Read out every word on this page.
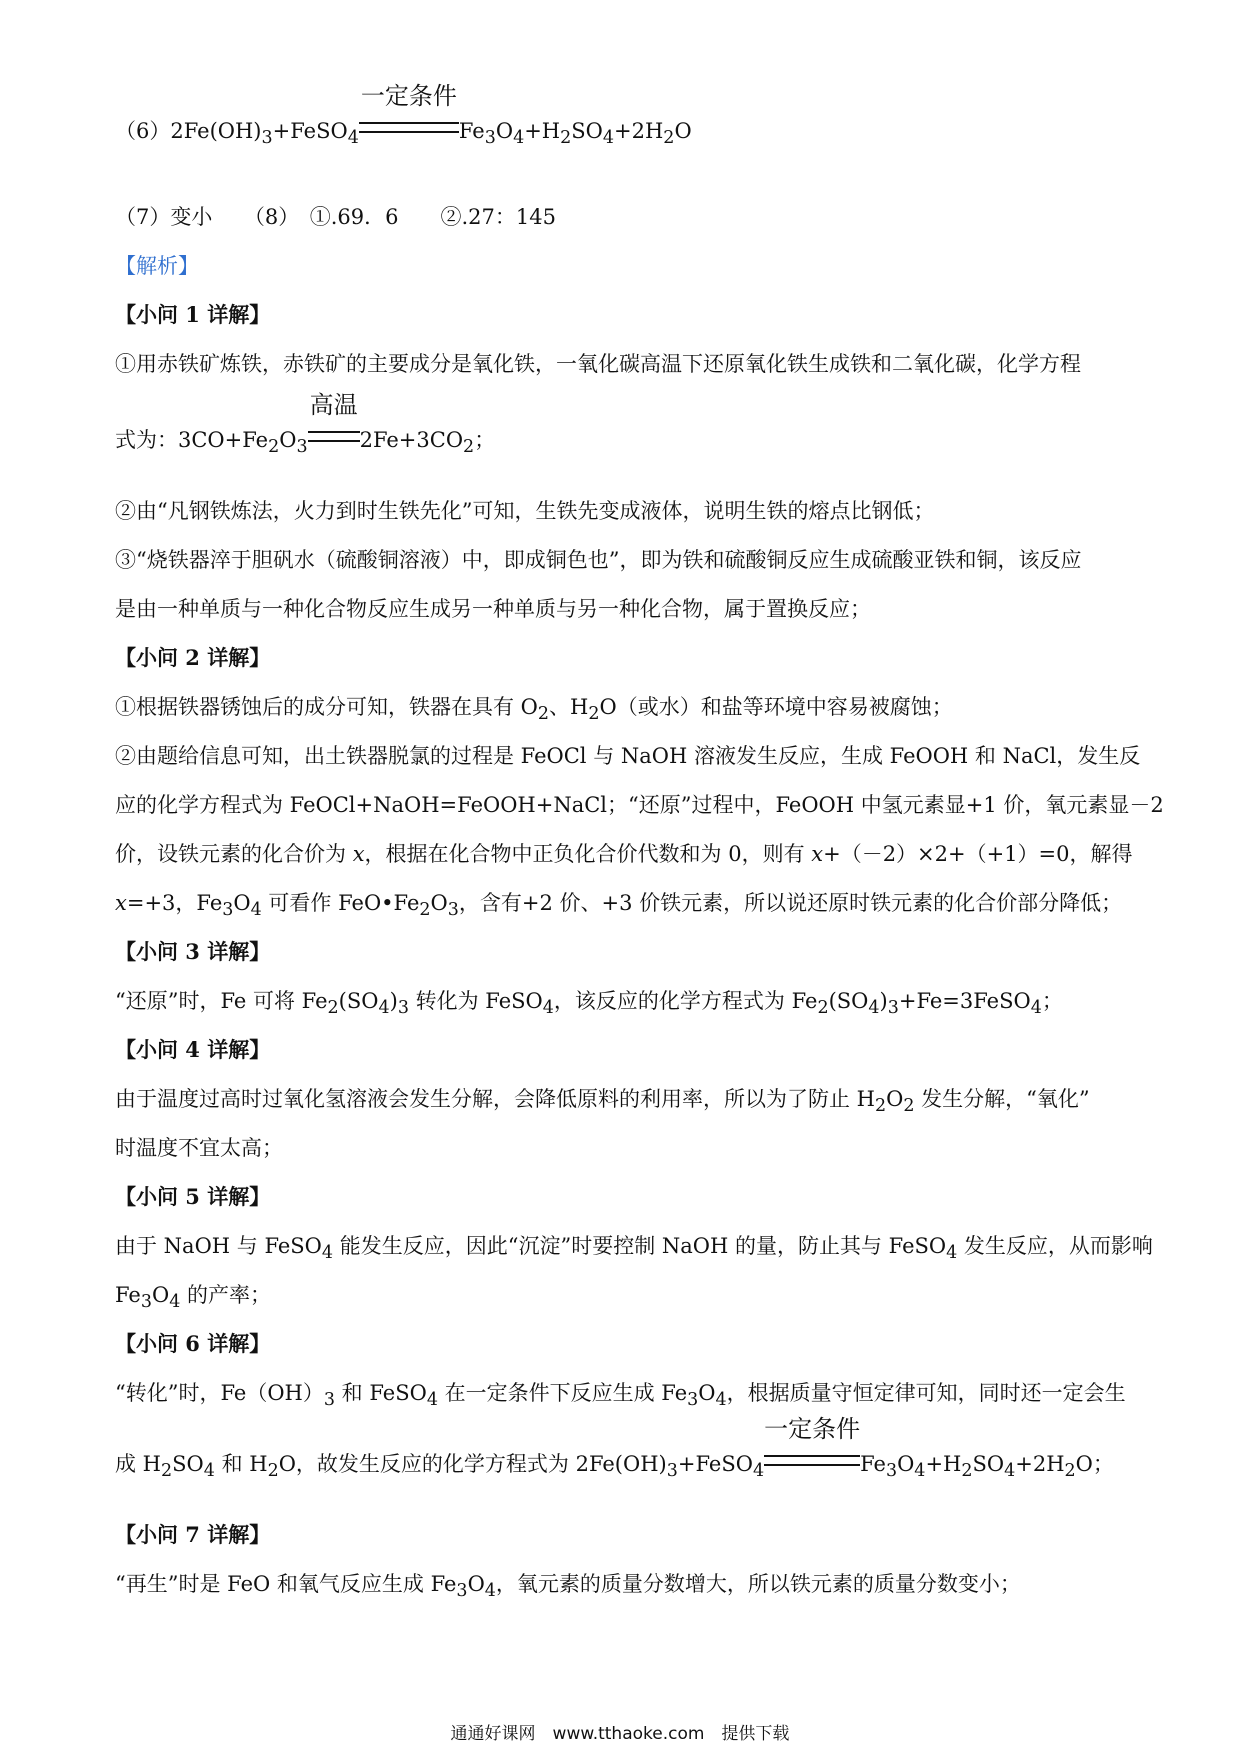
$(6)2Fe(OH)_3+FeSO_4$
一定条件
$Fe_3O_4+H_2SO_4+2H_2O$
（7）变小　　（8）　①.69．6　　②.27：145
【解析】
【小问 1 详解】
①用赤铁矿炼铁，赤铁矿的主要成分是氧化铁，一氧化碳高温下还原氧化铁生成铁和二氧化碳，化学方程
式为：$3CO+Fe_2O_3$
高温
$2Fe+3CO_2$；
②由“凡钢铁炼法，火力到时生铁先化”可知，生铁先变成液体，说明生铁的熔点比钢低；
③“烧铁器淬于胆矾水（硫酸铜溶液）中，即成铜色也”，即为铁和硫酸铜反应生成硫酸亚铁和铜，该反应
是由一种单质与一种化合物反应生成另一种单质与另一种化合物，属于置换反应；
【小问 2 详解】
①根据铁器锈蚀后的成分可知，铁器在具有 $O_2$、$H_2O$（或水）和盐等环境中容易被腐蚀；
②由题给信息可知，出土铁器脱氯的过程是 FeOCl 与 NaOH 溶液发生反应，生成 FeOOH 和 NaCl，发生反
应的化学方程式为 FeOCl+NaOH=FeOOH+NaCl；“还原”过程中，FeOOH 中氢元素显+1 价，氧元素显－2
价，设铁元素的化合价为 x，根据在化合物中正负化合价代数和为 0，则有 x+（－2）×2+（+1）=0，解得
x=+3，$Fe_3O_4$ 可看作 $FeO•Fe_2O_3$，含有+2 价、+3 价铁元素，所以说还原时铁元素的化合价部分降低；
【小问 3 详解】
“还原”时，Fe 可将 $Fe_2(SO_4)_3$ 转化为 FeSO$_4$，该反应的化学方程式为 $Fe_2(SO_4)_3+Fe=3FeSO_4$；
【小问 4 详解】
由于温度过高时过氧化氢溶液会发生分解，会降低原料的利用率，所以为了防止 $H_2O_2$ 发生分解，“氧化”
时温度不宜太高；
【小问 5 详解】
由于 NaOH 与 FeSO$_4$ 能发生反应，因此“沉淀”时要控制 NaOH 的量，防止其与 FeSO$_4$ 发生反应，从而影响
$Fe_3O_4$ 的产率；
【小问 6 详解】
“转化”时，$Fe(OH)_3$ 和 FeSO$_4$ 在一定条件下反应生成 $Fe_3O_4$，根据质量守恒定律可知，同时还一定会生
成 $H_2SO_4$ 和 $H_2O$，故发生反应的化学方程式为 $2Fe(OH)_3+FeSO_4$
一定条件
$Fe_3O_4+H_2SO_4+2H_2O$；
【小问 7 详解】
“再生”时是 FeO 和氧气反应生成 $Fe_3O_4$，氧元素的质量分数增大，所以铁元素的质量分数变小；
通通好课网　www.tthaoke.com　提供下载
